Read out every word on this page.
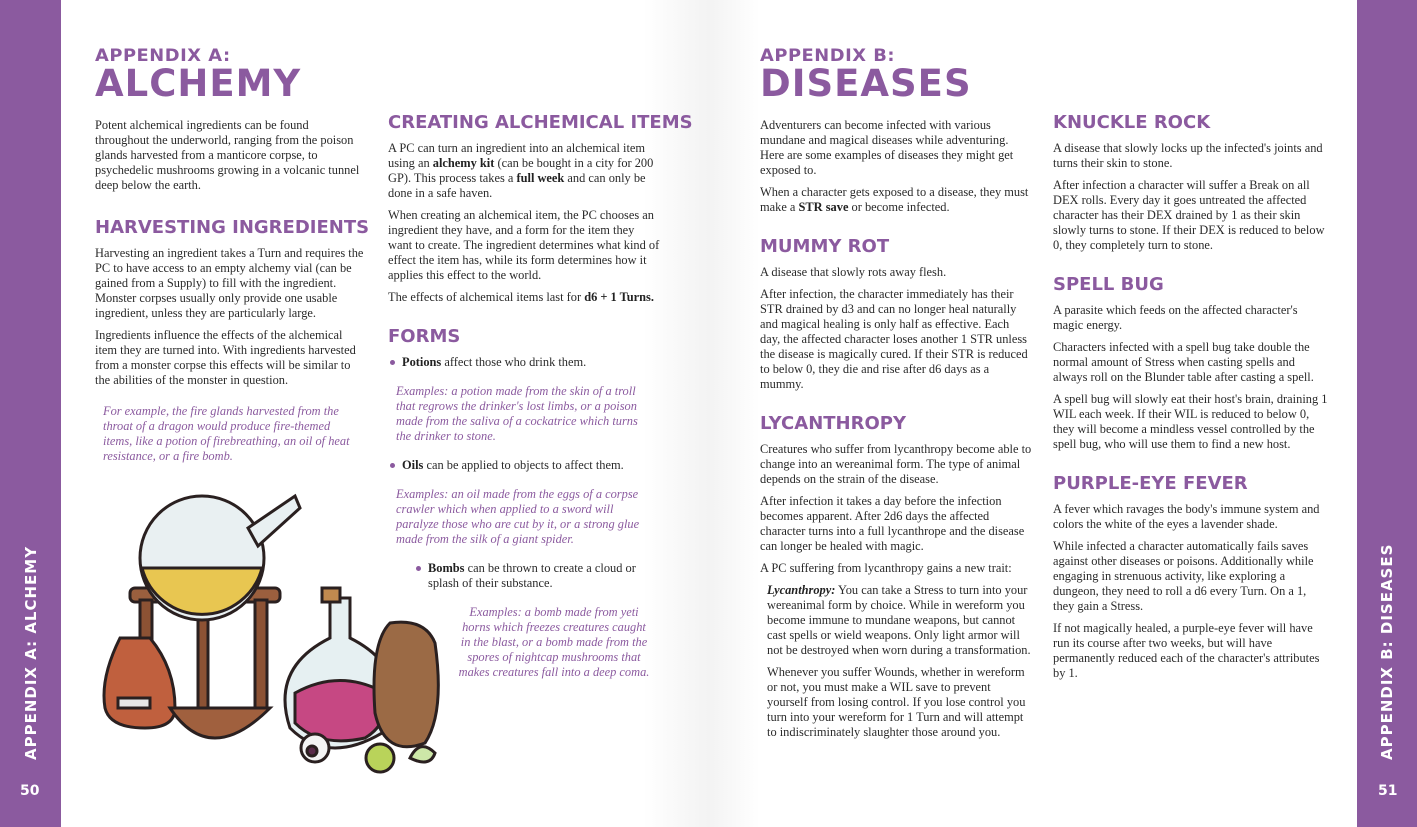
APPENDIX A: ALCHEMY
50
APPENDIX B: DISEASES
51
APPENDIX A:
ALCHEMY

Potent alchemical ingredients can be found throughout the underworld, ranging from the poison glands harvested from a manticore corpse, to psychedelic mushrooms growing in a volcanic tunnel deep below the earth.

HARVESTING INGREDIENTS

Harvesting an ingredient takes a Turn and requires the PC to have access to an empty alchemy vial (can be gained from a Supply) to fill with the ingredient. Monster corpses usually only provide one usable ingredient, unless they are particularly large.

Ingredients influence the effects of the alchemical item they are turned into. With ingredients harvested from a monster corpse this effects will be similar to the abilities of the monster in question.

For example, the fire glands harvested from the throat of a dragon would produce fire-themed items, like a potion of firebreathing, an oil of heat resistance, or a fire bomb.

CREATING ALCHEMICAL ITEMS

A PC can turn an ingredient into an alchemical item using an alchemy kit (can be bought in a city for 200 GP). This process takes a full week and can only be done in a safe haven.

When creating an alchemical item, the PC chooses an ingredient they have, and a form for the item they want to create. The ingredient determines what kind of effect the item has, while its form determines how it applies this effect to the world.

The effects of alchemical items last for d6 + 1 Turns.

FORMS

Potions affect those who drink them.

Examples: a potion made from the skin of a troll that regrows the drinker's lost limbs, or a poison made from the saliva of a cockatrice which turns the drinker to stone.

Oils can be applied to objects to affect them.

Examples: an oil made from the eggs of a corpse crawler which when applied to a sword will paralyze those who are cut by it, or a strong glue made from the silk of a giant spider.

Bombs can be thrown to create a cloud or splash of their substance.

Examples: a bomb made from yeti horns which freezes creatures caught in the blast, or a bomb made from the spores of nightcap mushrooms that makes creatures fall into a deep coma.

APPENDIX B:
DISEASES

Adventurers can become infected with various mundane and magical diseases while adventuring. Here are some examples of diseases they might get exposed to.

When a character gets exposed to a disease, they must make a STR save or become infected.

MUMMY ROT

A disease that slowly rots away flesh.

After infection, the character immediately has their STR drained by d3 and can no longer heal naturally and magical healing is only half as effective. Each day, the affected character loses another 1 STR unless the disease is magically cured. If their STR is reduced to below 0, they die and rise after d6 days as a mummy.

LYCANTHROPY

Creatures who suffer from lycanthropy become able to change into an wereanimal form. The type of animal depends on the strain of the disease.

After infection it takes a day before the infection becomes apparent. After 2d6 days the affected character turns into a full lycanthrope and the disease can longer be healed with magic.

A PC suffering from lycanthropy gains a new trait:

Lycanthropy: You can take a Stress to turn into your wereanimal form by choice. While in wereform you become immune to mundane weapons, but cannot cast spells or wield weapons. Only light armor will not be destroyed when worn during a transformation.

Whenever you suffer Wounds, whether in wereform or not, you must make a WIL save to prevent yourself from losing control. If you lose control you turn into your wereform for 1 Turn and will attempt to indiscriminately slaughter those around you.

KNUCKLE ROCK

A disease that slowly locks up the infected's joints and turns their skin to stone.

After infection a character will suffer a Break on all DEX rolls. Every day it goes untreated the affected character has their DEX drained by 1 as their skin slowly turns to stone. If their DEX is reduced to below 0, they completely turn to stone.

SPELL BUG

A parasite which feeds on the affected character's magic energy.

Characters infected with a spell bug take double the normal amount of Stress when casting spells and always roll on the Blunder table after casting a spell.

A spell bug will slowly eat their host's brain, draining 1 WIL each week. If their WIL is reduced to below 0, they will become a mindless vessel controlled by the spell bug, who will use them to find a new host.

PURPLE-EYE FEVER

A fever which ravages the body's immune system and colors the white of the eyes a lavender shade.

While infected a character automatically fails saves against other diseases or poisons. Additionally while engaging in strenuous activity, like exploring a dungeon, they need to roll a d6 every Turn. On a 1, they gain a Stress.

If not magically healed, a purple-eye fever will have run its course after two weeks, but will have permanently reduced each of the character's attributes by 1.
